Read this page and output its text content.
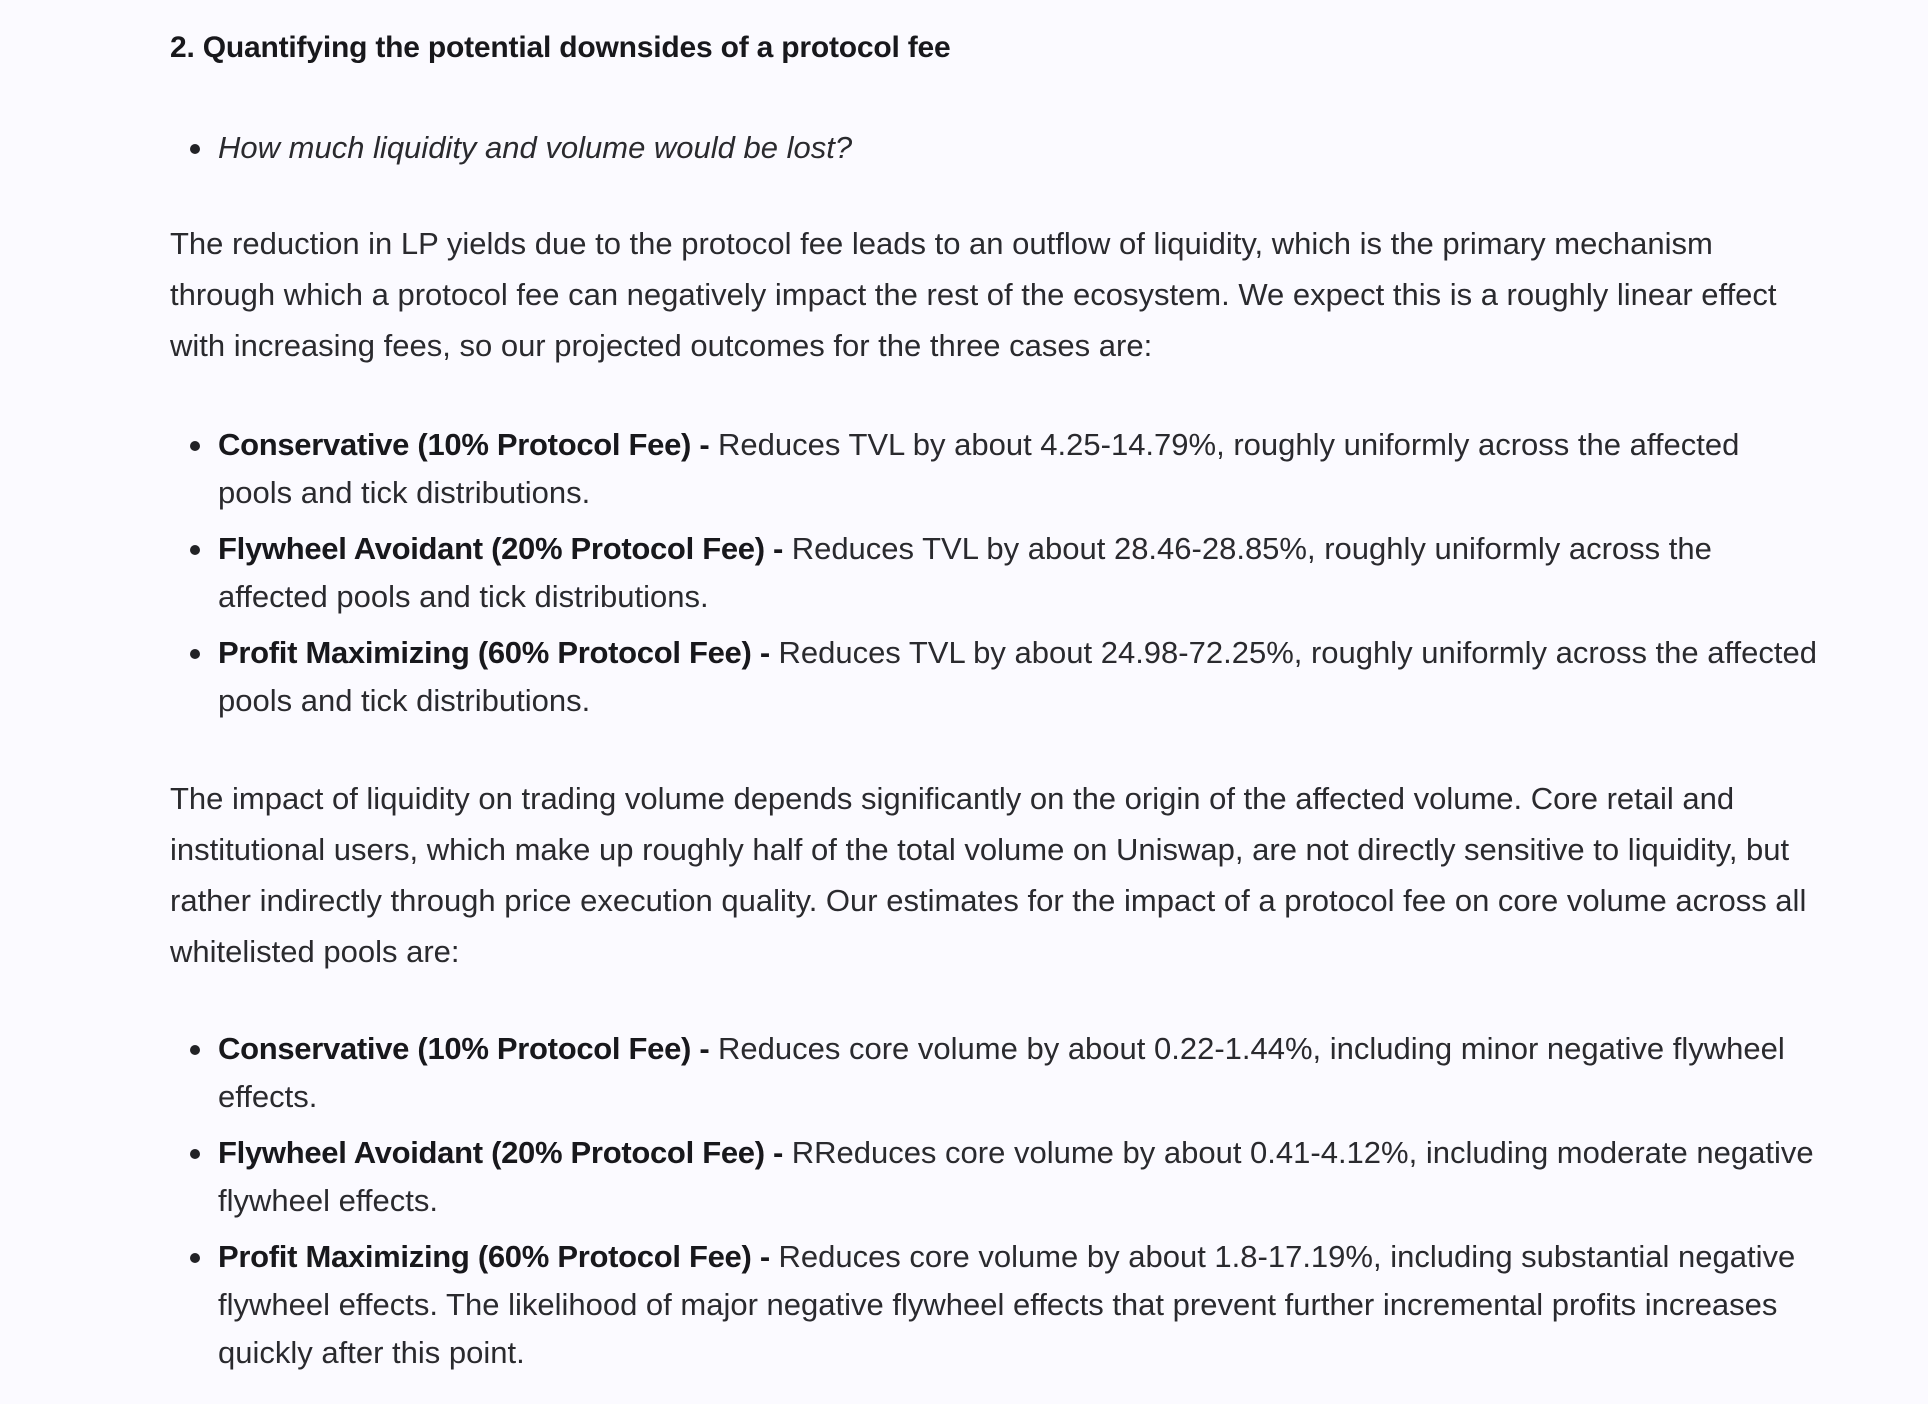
2. Quantifying the potential downsides of a protocol fee
How much liquidity and volume would be lost?

The reduction in LP yields due to the protocol fee leads to an outflow of liquidity, which is the primary mechanism through which a protocol fee can negatively impact the rest of the ecosystem. We expect this is a roughly linear effect with increasing fees, so our projected outcomes for the three cases are:

Conservative (10% Protocol Fee) - Reduces TVL by about 4.25-14.79%, roughly uniformly across the affected pools and tick distributions.
Flywheel Avoidant (20% Protocol Fee) - Reduces TVL by about 28.46-28.85%, roughly uniformly across the affected pools and tick distributions.
Profit Maximizing (60% Protocol Fee) - Reduces TVL by about 24.98-72.25%, roughly uniformly across the affected pools and tick distributions.

The impact of liquidity on trading volume depends significantly on the origin of the affected volume. Core retail and institutional users, which make up roughly half of the total volume on Uniswap, are not directly sensitive to liquidity, but rather indirectly through price execution quality. Our estimates for the impact of a protocol fee on core volume across all whitelisted pools are:

Conservative (10% Protocol Fee) - Reduces core volume by about 0.22-1.44%, including minor negative flywheel effects.
Flywheel Avoidant (20% Protocol Fee) - RReduces core volume by about 0.41-4.12%, including moderate negative flywheel effects.
Profit Maximizing (60% Protocol Fee) - Reduces core volume by about 1.8-17.19%, including substantial negative flywheel effects. The likelihood of major negative flywheel effects that prevent further incremental profits increases quickly after this point.
